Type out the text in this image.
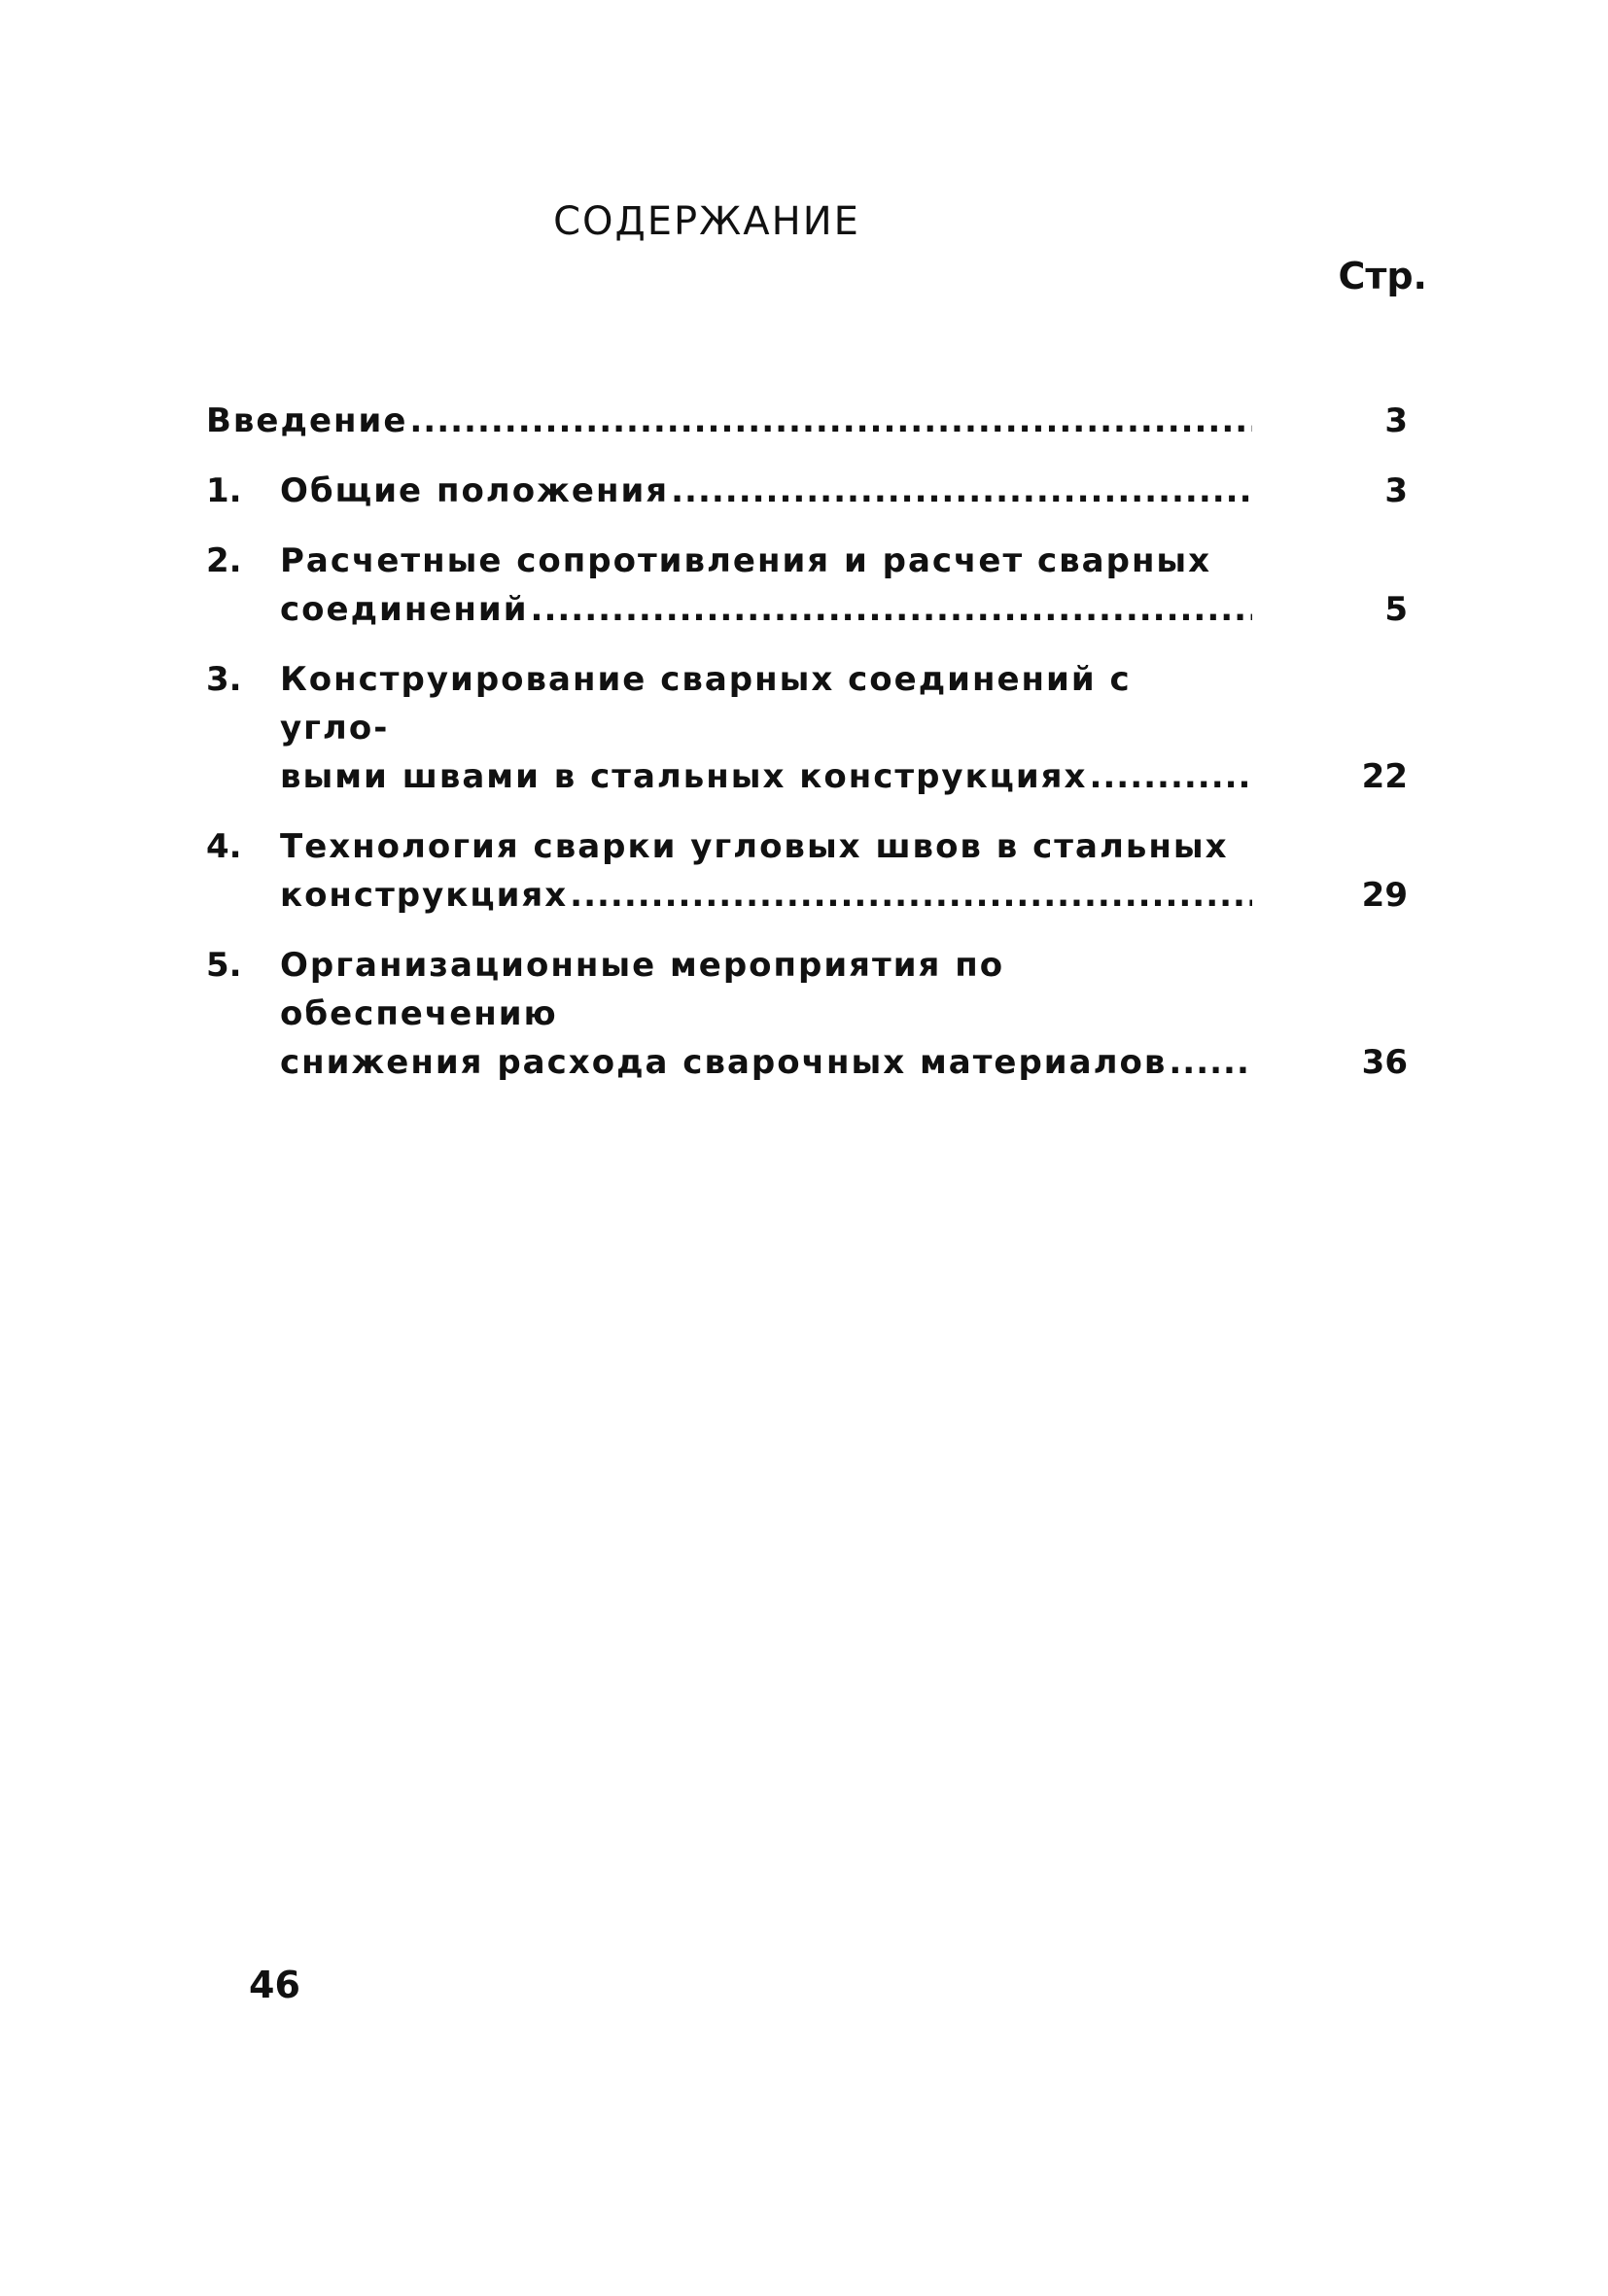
СОДЕРЖАНИЕ
Стр.
Введение .....	3
1. Общие положения .....	3
2. Расчетные сопротивления и расчет сварных
соединений .....	5
3. Конструирование сварных соединений с угло-
выми швами в стальных конструкциях .....	22
4. Технология сварки угловых швов в стальных
конструкциях .....	29
5. Организационные мероприятия по обеспечению
снижения расхода сварочных материалов .....	36
46
